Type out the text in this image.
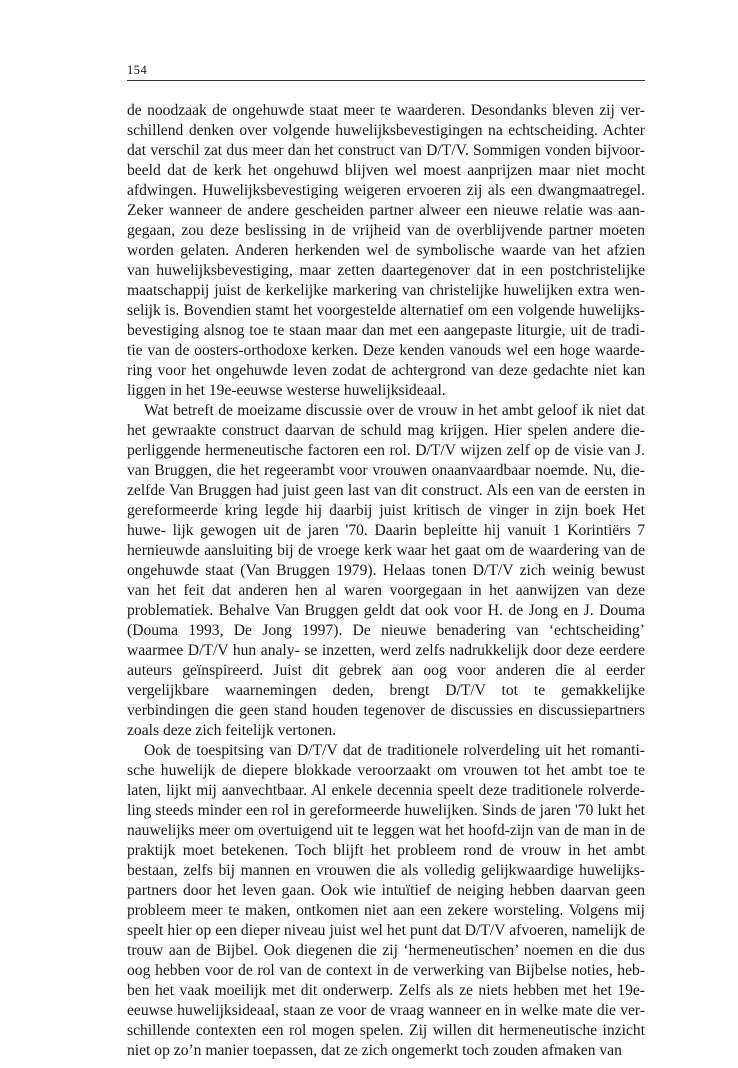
154

de noodzaak de ongehuwde staat meer te waarderen. Desondanks bleven zij ver- schillend denken over volgende huwelijksbevestigingen na echtscheiding. Achter dat verschil zat dus meer dan het construct van D/T/V. Sommigen vonden bijvoor- beeld dat de kerk het ongehuwd blijven wel moest aanprijzen maar niet mocht afdwingen. Huwelijksbevestiging weigeren ervoeren zij als een dwangmaatregel. Zeker wanneer de andere gescheiden partner alweer een nieuwe relatie was aan- gegaan, zou deze beslissing in de vrijheid van de overblijvende partner moeten worden gelaten. Anderen herkenden wel de symbolische waarde van het afzien van huwelijksbevestiging, maar zetten daartegenover dat in een postchristelijke maatschappij juist de kerkelijke markering van christelijke huwelijken extra wen- selijk is. Bovendien stamt het voorgestelde alternatief om een volgende huwelijks- bevestiging alsnog toe te staan maar dan met een aangepaste liturgie, uit de tradi- tie van de oosters-orthodoxe kerken. Deze kenden vanouds wel een hoge waarde- ring voor het ongehuwde leven zodat de achtergrond van deze gedachte niet kan liggen in het 19e-eeuwse westerse huwelijksideaal.

Wat betreft de moeizame discussie over de vrouw in het ambt geloof ik niet dat het gewraakte construct daarvan de schuld mag krijgen. Hier spelen andere die- perliggende hermeneutische factoren een rol. D/T/V wijzen zelf op de visie van J. van Bruggen, die het regeerambt voor vrouwen onaanvaardbaar noemde. Nu, die- zelfde Van Bruggen had juist geen last van dit construct. Als een van de eersten in gereformeerde kring legde hij daarbij juist kritisch de vinger in zijn boek Het huwe- lijk gewogen uit de jaren '70. Daarin bepleitte hij vanuit 1 Korintiërs 7 hernieuwde aansluiting bij de vroege kerk waar het gaat om de waardering van de ongehuwde staat (Van Bruggen 1979). Helaas tonen D/T/V zich weinig bewust van het feit dat anderen hen al waren voorgegaan in het aanwijzen van deze problematiek. Behalve Van Bruggen geldt dat ook voor H. de Jong en J. Douma (Douma 1993, De Jong 1997). De nieuwe benadering van ‘echtscheiding’ waarmee D/T/V hun analy- se inzetten, werd zelfs nadrukkelijk door deze eerdere auteurs geïnspireerd. Juist dit gebrek aan oog voor anderen die al eerder vergelijkbare waarnemingen deden, brengt D/T/V tot te gemakkelijke verbindingen die geen stand houden tegenover de discussies en discussiepartners zoals deze zich feitelijk vertonen.

Ook de toespitsing van D/T/V dat de traditionele rolverdeling uit het romanti- sche huwelijk de diepere blokkade veroorzaakt om vrouwen tot het ambt toe te laten, lijkt mij aanvechtbaar. Al enkele decennia speelt deze traditionele rolverde- ling steeds minder een rol in gereformeerde huwelijken. Sinds de jaren '70 lukt het nauwelijks meer om overtuigend uit te leggen wat het hoofd-zijn van de man in de praktijk moet betekenen. Toch blijft het probleem rond de vrouw in het ambt bestaan, zelfs bij mannen en vrouwen die als volledig gelijkwaardige huwelijks- partners door het leven gaan. Ook wie intuïtief de neiging hebben daarvan geen probleem meer te maken, ontkomen niet aan een zekere worsteling. Volgens mij speelt hier op een dieper niveau juist wel het punt dat D/T/V afvoeren, namelijk de trouw aan de Bijbel. Ook diegenen die zij ‘hermeneutischen’ noemen en die dus oog hebben voor de rol van de context in de verwerking van Bijbelse noties, heb- ben het vaak moeilijk met dit onderwerp. Zelfs als ze niets hebben met het 19e- eeuwse huwelijksideaal, staan ze voor de vraag wanneer en in welke mate die ver- schillende contexten een rol mogen spelen. Zij willen dit hermeneutische inzicht niet op zo’n manier toepassen, dat ze zich ongemerkt toch zouden afmaken van
